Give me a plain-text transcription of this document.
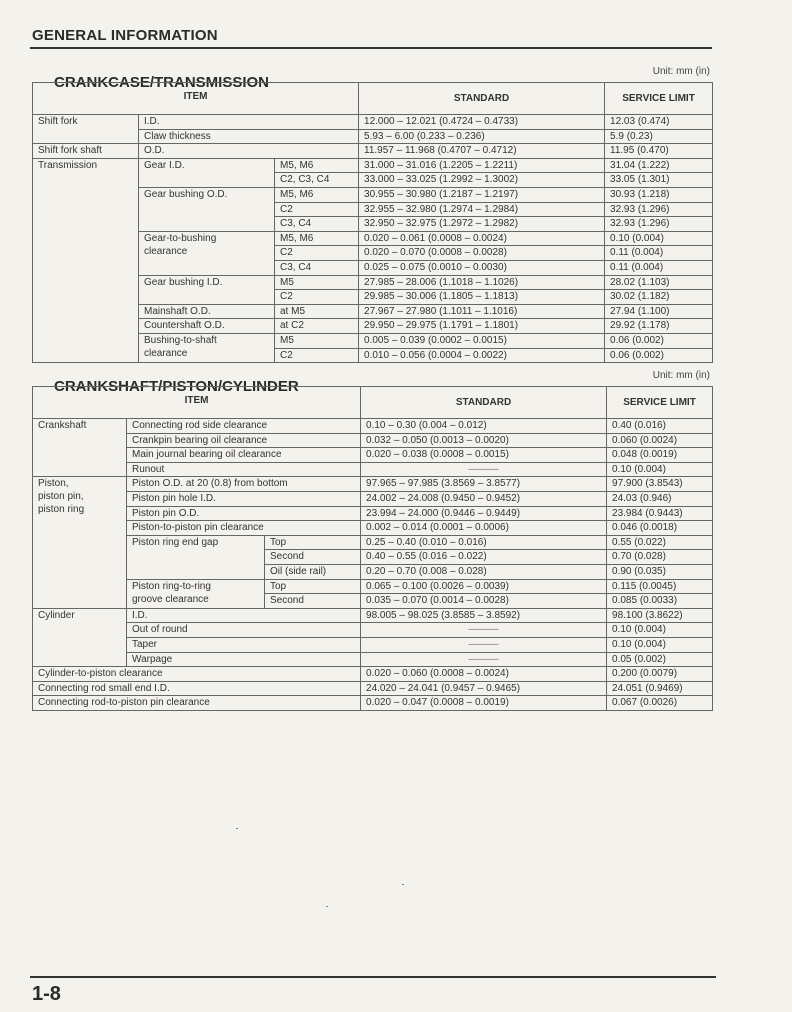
GENERAL INFORMATION
Unit: mm (in)
CRANKCASE/TRANSMISSION
ITEM			STANDARD	SERVICE LIMIT
Shift fork	I.D.		12.000 – 12.021 (0.4724 – 0.4733)	12.03 (0.474)
	Claw thickness		5.93 – 6.00 (0.233 – 0.236)	5.9 (0.23)
Shift fork shaft	O.D.		11.957 – 11.968 (0.4707 – 0.4712)	11.95 (0.470)
Transmission	Gear I.D.	M5, M6	31.000 – 31.016 (1.2205 – 1.2211)	31.04 (1.222)
		C2, C3, C4	33.000 – 33.025 (1.2992 – 1.3002)	33.05 (1.301)
	Gear bushing O.D.	M5, M6	30.955 – 30.980 (1.2187 – 1.2197)	30.93 (1.218)
		C2	32.955 – 32.980 (1.2974 – 1.2984)	32.93 (1.296)
		C3, C4	32.950 – 32.975 (1.2972 – 1.2982)	32.93 (1.296)

	Gear-to-bushing
clearance	M5, M6	0.020 – 0.061 (0.0008 – 0.0024)	0.10 (0.004)
		C2	0.020 – 0.070 (0.0008 – 0.0028)	0.11 (0.004)
		C3, C4	0.025 – 0.075 (0.0010 – 0.0030)	0.11 (0.004)
	Gear bushing I.D.	M5	27.985 – 28.006 (1.1018 – 1.1026)	28.02 (1.103)
		C2	29.985 – 30.006 (1.1805 – 1.1813)	30.02 (1.182)
	Mainshaft O.D.	at M5	27.967 – 27.980 (1.1011 – 1.1016)	27.94 (1.100)
	Countershaft O.D.	at C2	29.950 – 29.975 (1.1791 – 1.1801)	29.92 (1.178)

	Bushing-to-shaft
clearance	M5	0.005 – 0.039 (0.0002 – 0.0015)	0.06 (0.002)
		C2	0.010 – 0.056 (0.0004 – 0.0022)	0.06 (0.002)
Unit: mm (in)
CRANKSHAFT/PISTON/CYLINDER
ITEM			STANDARD	SERVICE LIMIT
Crankshaft	Connecting rod side clearance		0.10 – 0.30 (0.004 – 0.012)	0.40 (0.016)
	Crankpin bearing oil clearance		0.032 – 0.050 (0.0013 – 0.0020)	0.060 (0.0024)
	Main journal bearing oil clearance		0.020 – 0.038 (0.0008 – 0.0015)	0.048 (0.0019)
	Runout		———	0.10 (0.004)

Piston,
piston pin,
piston ring	Piston O.D. at 20 (0.8) from bottom		97.965 – 97.985 (3.8569 – 3.8577)	97.900 (3.8543)
	Piston pin hole I.D.		24.002 – 24.008 (0.9450 – 0.9452)	24.03 (0.946)
	Piston pin O.D.		23.994 – 24.000 (0.9446 – 0.9449)	23.984 (0.9443)
	Piston-to-piston pin clearance		0.002 – 0.014 (0.0001 – 0.0006)	0.046 (0.0018)
	Piston ring end gap	Top	0.25 – 0.40 (0.010 – 0.016)	0.55 (0.022)
		Second	0.40 – 0.55 (0.016 – 0.022)	0.70 (0.028)
		Oil (side rail)	0.20 – 0.70 (0.008 – 0.028)	0.90 (0.035)

	Piston ring-to-ring
groove clearance	Top	0.065 – 0.100 (0.0026 – 0.0039)	0.115 (0.0045)
		Second	0.035 – 0.070 (0.0014 – 0.0028)	0.085 (0.0033)
Cylinder	I.D.		98.005 – 98.025 (3.8585 – 3.8592)	98.100 (3.8622)
	Out of round		———	0.10 (0.004)
	Taper		———	0.10 (0.004)
	Warpage		———	0.05 (0.002)
Cylinder-to-piston clearance			0.020 – 0.060 (0.0008 – 0.0024)	0.200 (0.0079)
Connecting rod small end I.D.			24.020 – 24.041 (0.9457 – 0.9465)	24.051 (0.9469)
Connecting rod-to-piston pin clearance			0.020 – 0.047 (0.0008 – 0.0019)	0.067 (0.0026)
1-8
